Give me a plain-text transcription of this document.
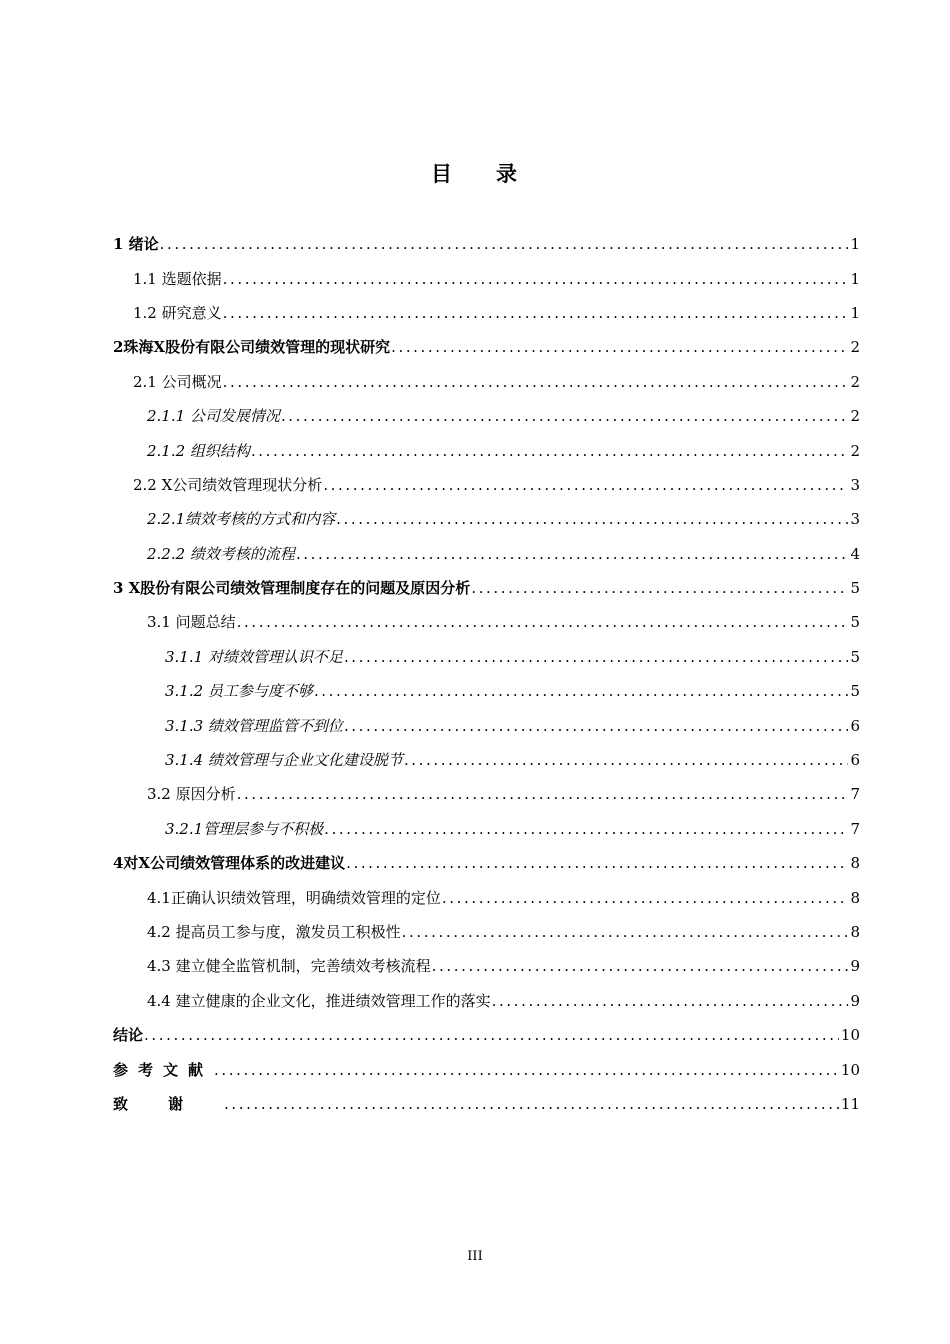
目 录
1 绪论 .....	1
1.1 选题依据 .....	1
1.2 研究意义 .....	1
2珠海X股份有限公司绩效管理的现状研究 .....	2
2.1 公司概况 .....	2
2.1.1 公司发展情况 .....	2
2.1.2 组织结构 .....	2
2.2 X公司绩效管理现状分析 .....	3
2.2.1绩效考核的方式和内容 .....	3
2.2.2 绩效考核的流程 .....	4
3 X股份有限公司绩效管理制度存在的问题及原因分析 .....	5
3.1 问题总结 .....	5
3.1.1 对绩效管理认识不足 .....	5
3.1.2 员工参与度不够 .....	5
3.1.3 绩效管理监管不到位 .....	6
3.1.4 绩效管理与企业文化建设脱节 .....	6
3.2 原因分析 .....	7
3.2.1管理层参与不积极 .....	7
4对X公司绩效管理体系的改进建议 .....	8
4.1正确认识绩效管理，明确绩效管理的定位 .....	8
4.2 提高员工参与度，激发员工积极性 .....	8
4.3 建立健全监管机制，完善绩效考核流程 .....	9
4.4 建立健康的企业文化，推进绩效管理工作的落实 .....	9
结论 .....	10
参考文献 .....	10
致谢 .....	11
III
